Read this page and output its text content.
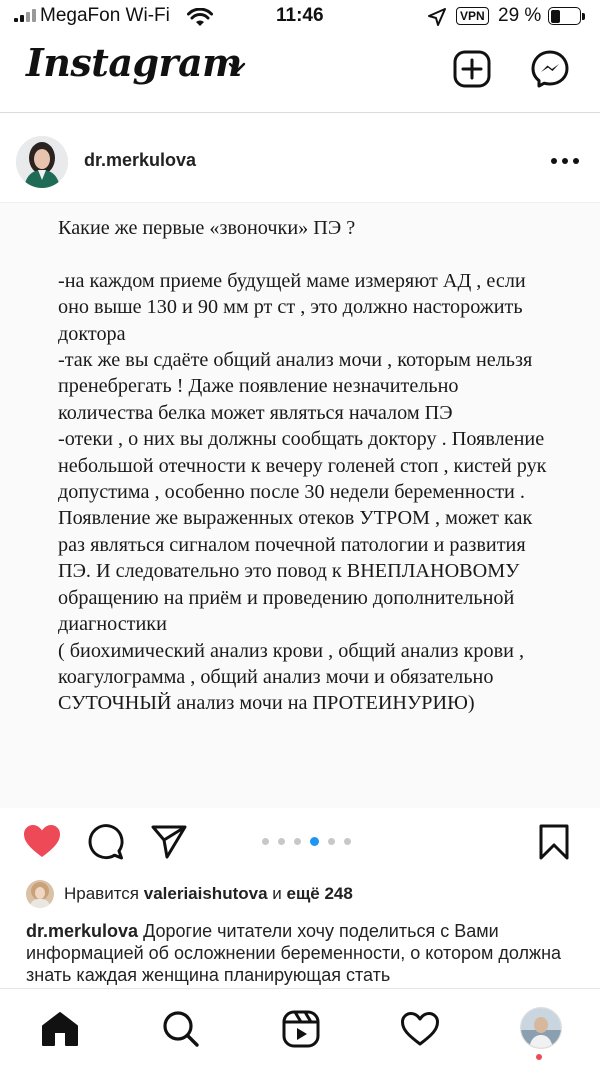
MegaFon Wi-Fi	11:46	VPN 29 %
Instagram
dr.merkulova
Какие же первые «звоночки» ПЭ ?

-на каждом приеме будущей маме измеряют АД , если оно выше 130 и 90 мм рт ст , это должно насторожить доктора
-так же вы сдаёте общий анализ мочи , которым нельзя пренебрегать ! Даже появление незначительно количества белка может являться началом ПЭ
-отеки , о них вы должны сообщать доктору . Появление небольшой отечности к вечеру голеней стоп , кистей рук допустима , особенно после 30 недели беременности . Появление же выраженных отеков УТРОМ , может как раз являться сигналом почечной патологии и развития ПЭ. И следовательно это повод к ВНЕПЛАНОВОМУ обращению на приём и проведению дополнительной диагностики
( биохимический анализ крови , общий анализ крови , коагулограмма , общий анализ мочи и обязательно СУТОЧНЫЙ анализ мочи на ПРОТЕИНУРИЮ)
Нравится valeriaishutova и ещё 248
dr.merkulova Дорогие читатели хочу поделиться с Вами информацией об осложнении беременности, о котором должна знать каждая женщина планирующая стать
